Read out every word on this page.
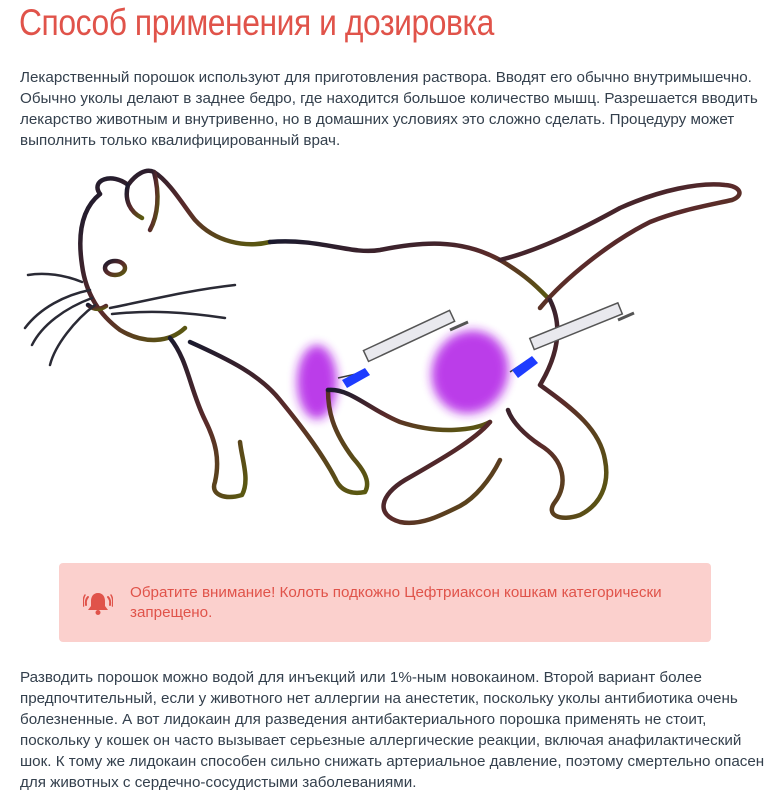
Способ применения и дозировка

Лекарственный порошок используют для приготовления раствора. Вводят его обычно внутримышечно. Обычно уколы делают в заднее бедро, где находится большое количество мышц. Разрешается вводить лекарство животным и внутривенно, но в домашних условиях это сложно сделать. Процедуру может выполнить только квалифицированный врач.

Обратите внимание! Колоть подкожно Цефтриаксон кошкам категорически запрещено.

Разводить порошок можно водой для инъекций или 1%-ным новокаином. Второй вариант более предпочтительный, если у животного нет аллергии на анестетик, поскольку уколы антибиотика очень болезненные. А вот лидокаин для разведения антибактериального порошка применять не стоит, поскольку у кошек он часто вызывает серьезные аллергические реакции, включая анафилактический шок. К тому же лидокаин способен сильно снижать артериальное давление, поэтому смертельно опасен для животных с сердечно-сосудистыми заболеваниями.
